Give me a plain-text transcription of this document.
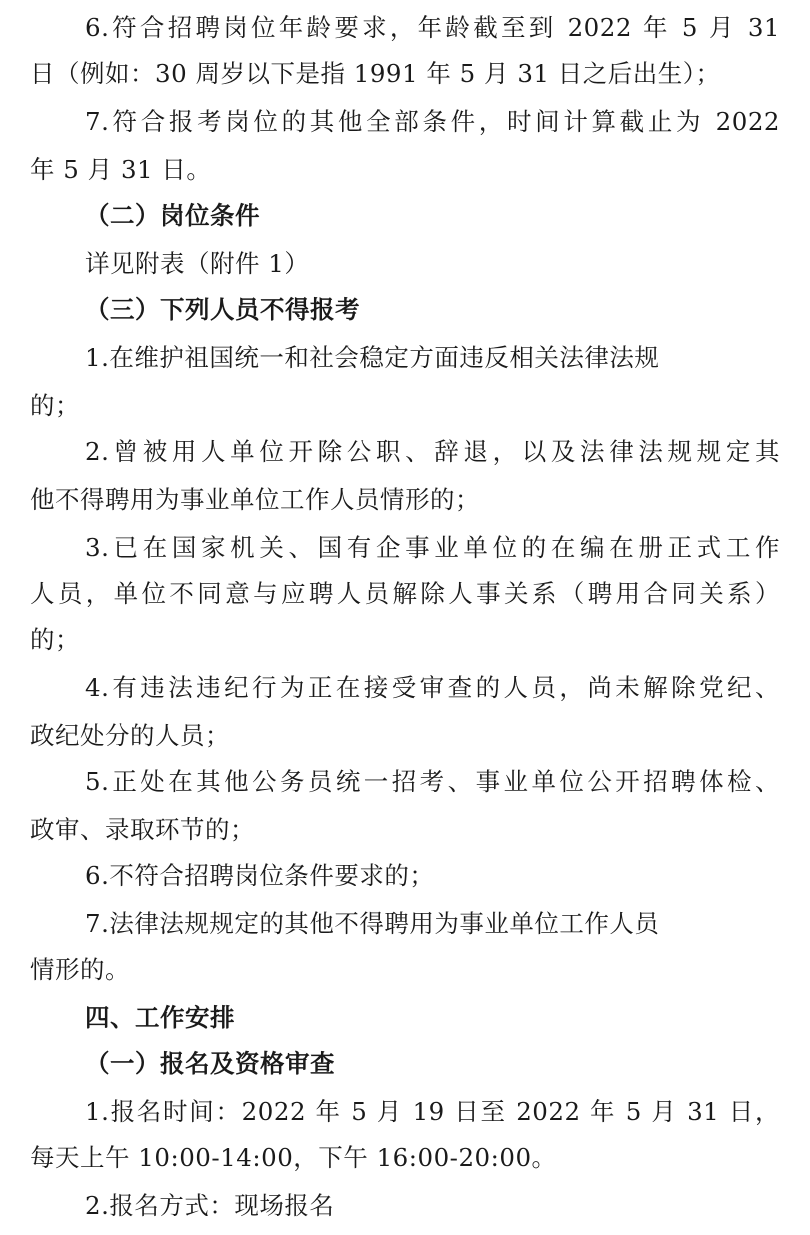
6.符合招聘岗位年龄要求，年龄截至到 2022 年 5 月 31
日（例如：30 周岁以下是指 1991 年 5 月 31 日之后出生）；
7.符合报考岗位的其他全部条件，时间计算截止为 2022
年 5 月 31 日。
（二）岗位条件
详见附表（附件 1）
（三）下列人员不得报考
1.在维护祖国统一和社会稳定方面违反相关法律法规
的；
2.曾被用人单位开除公职、辞退，以及法律法规规定其
他不得聘用为事业单位工作人员情形的；
3.已在国家机关、国有企事业单位的在编在册正式工作
人员，单位不同意与应聘人员解除人事关系（聘用合同关系）
的；
4.有违法违纪行为正在接受审查的人员，尚未解除党纪、
政纪处分的人员；
5.正处在其他公务员统一招考、事业单位公开招聘体检、
政审、录取环节的；
6.不符合招聘岗位条件要求的；
7.法律法规规定的其他不得聘用为事业单位工作人员
情形的。
四、工作安排
（一）报名及资格审查
1.报名时间：2022 年 5 月 19 日至 2022 年 5 月 31 日，
每天上午 10:00-14:00，下午 16:00-20:00。
2.报名方式：现场报名
